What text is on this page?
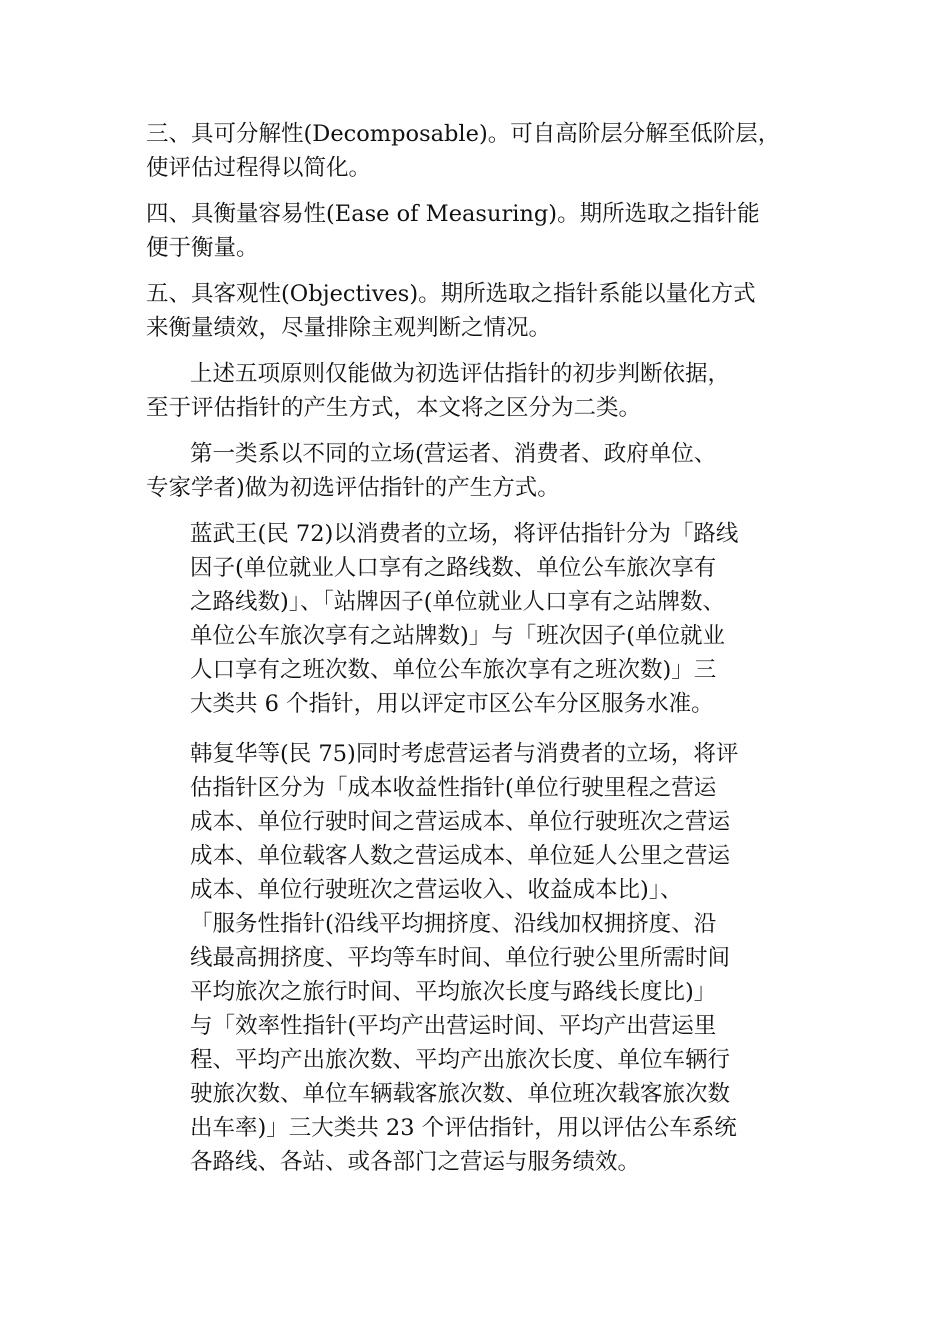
三、具可分解性(Decomposable)。可自高阶层分解至低阶层，
使评估过程得以简化。
四、具衡量容易性(Ease of Measuring)。期所选取之指针能
便于衡量。
五、具客观性(Objectives)。期所选取之指针系能以量化方式
来衡量绩效，尽量排除主观判断之情况。
上述五项原则仅能做为初选评估指针的初步判断依据，
至于评估指针的产生方式，本文将之区分为二类。
第一类系以不同的立场(营运者、消费者、政府单位、
专家学者)做为初选评估指针的产生方式。
蓝武王(民 72)以消费者的立场，将评估指针分为「路线
因子(单位就业人口享有之路线数、单位公车旅次享有
之路线数)」、「站牌因子(单位就业人口享有之站牌数、
单位公车旅次享有之站牌数)」与「班次因子(单位就业
人口享有之班次数、单位公车旅次享有之班次数)」三
大类共 6 个指针，用以评定市区公车分区服务水准。
韩复华等(民 75)同时考虑营运者与消费者的立场，将评
估指针区分为「成本收益性指针(单位行驶里程之营运
成本、单位行驶时间之营运成本、单位行驶班次之营运
成本、单位载客人数之营运成本、单位延人公里之营运
成本、单位行驶班次之营运收入、收益成本比)」、
「服务性指针(沿线平均拥挤度、沿线加权拥挤度、沿
线最高拥挤度、平均等车时间、单位行驶公里所需时间
平均旅次之旅行时间、平均旅次长度与路线长度比)」
与「效率性指针(平均产出营运时间、平均产出营运里
程、平均产出旅次数、平均产出旅次长度、单位车辆行
驶旅次数、单位车辆载客旅次数、单位班次载客旅次数
出车率)」三大类共 23 个评估指针，用以评估公车系统
各路线、各站、或各部门之营运与服务绩效。
